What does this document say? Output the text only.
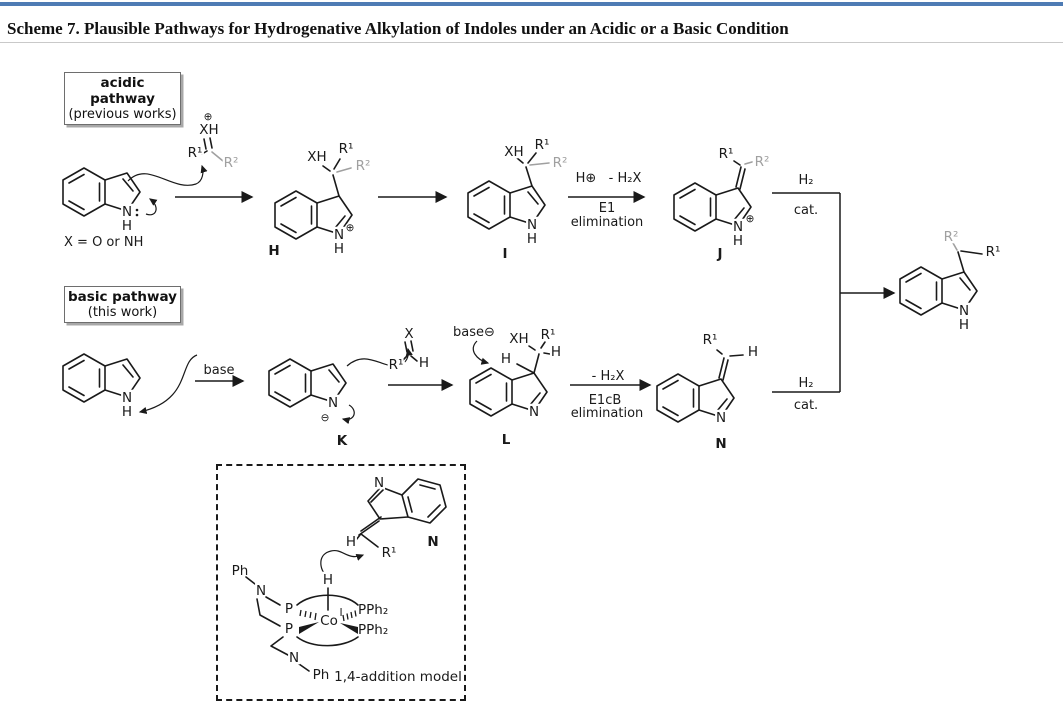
Scheme 7. Plausible Pathways for Hydrogenative Alkylation of Indoles under an Acidic or a Basic Condition
acidic pathway
(previous works)
basic pathway
(this work)
N
H
X = O or NH
⊕
XH
R¹
R²	XH R¹
R²
N
H
⊕
H
XH R¹
R²
N
H
I
H⊕ - H₂X
E1
elimination
R¹ R²
N
H
⊕
J
H₂
cat.
N
H
base
N
⊖
K
X
R¹ H	H
XH R¹
H
N
base⊖
L
- H₂X
E1cB
elimination
R¹
H
N
N
H₂
cat.
R²
R¹
N
H
N
H
R¹
N
Ph
N
H
P
P Co I PPh₂
PPh₂
N
Ph 1,4-addition model
